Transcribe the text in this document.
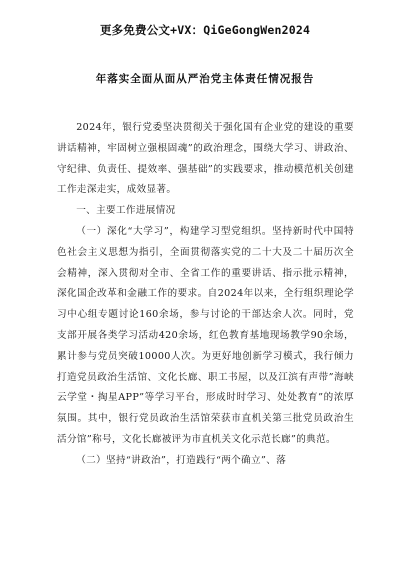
更多免费公文+VX：QiGeGongWen2024
年落实全面从面从严治党主体责任情况报告

2024年，银行党委坚决贯彻关于强化国有企业党的建设的重要讲话精神，牢固树立强根固魂”的政治理念，围绕大学习、讲政治、守纪律、负责任、提效率、强基础”的实践要求，推动模范机关创建工作走深走实，成效显著。

一、主要工作进展情况

（一）深化“大学习”，构建学习型党组织。坚持新时代中国特色社会主义思想为指引，全面贯彻落实党的二十大及二十届历次全会精神，深入贯彻对全市、全省工作的重要讲话、指示批示精神，深化国企改革和金融工作的要求。自2024年以来，全行组织理论学习中心组专题讨论160余场，参与讨论的干部达余人次。同时，党支部开展各类学习活动420余场，红色教育基地现场教学90余场，累计参与党员突破10000人次。为更好地创新学习模式，我行倾力打造党员政治生活馆、文化长廊、职工书屋，以及江滨有声带”海峡云学堂・掏星APP”等学习平台，形成时时学习、处处教育”的浓厚氛围。其中，银行党员政治生活馆荣获市直机关第三批党员政治生活分馆”称号，文化长廊被评为市直机关文化示范长廊”的典范。

（二）坚持“讲政治”，打造践行“两个确立”、落
